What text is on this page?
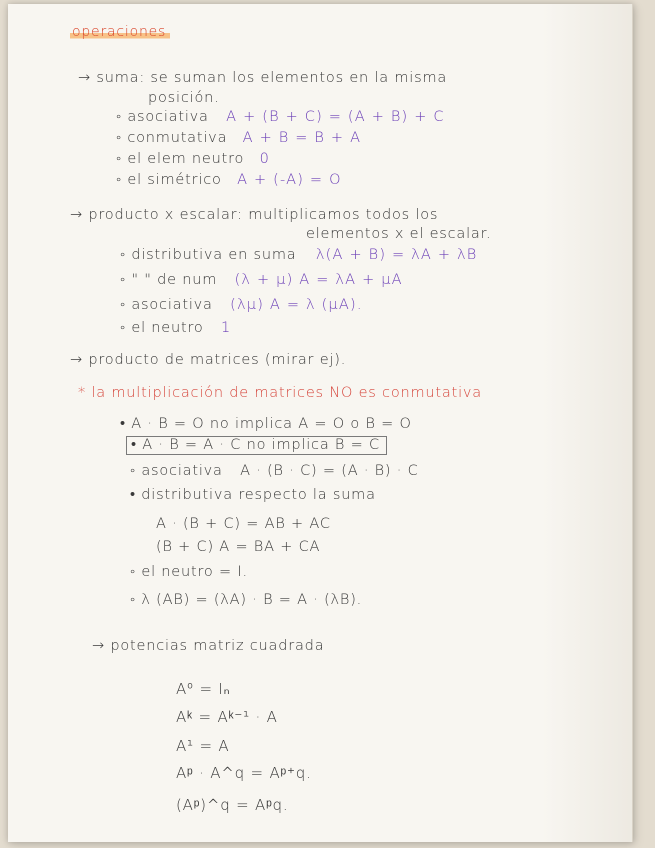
operaciones
→ suma: se suman los elementos en la misma
posición.
◦ asociativa A + (B + C) = (A + B) + C
◦ conmutativa A + B = B + A
◦ el elem neutro 0
◦ el simétrico A + (-A) = O
→ producto x escalar: multiplicamos todos los
elementos x el escalar.
◦ distributiva en suma λ(A + B) = λA + λB
◦ " " de num (λ + μ) A = λA + μA
◦ asociativa (λμ) A = λ (μA).
◦ el neutro 1
→ producto de matrices (mirar ej).
* la multiplicación de matrices NO es conmutativa
• A · B = O no implica A = O o B = O
• A · B = A · C no implica B = C
◦ asociativa A · (B · C) = (A · B) · C
• distributiva respecto la suma
A · (B + C) = AB + AC
(B + C) A = BA + CA
◦ el neutro = I.
◦ λ (AB) = (λA) · B = A · (λB).
→ potencias matriz cuadrada
A⁰ = Iₙ
Aᵏ = Aᵏ⁻¹ · A
A¹ = A
Aᵖ · A^q = Aᵖ⁺q.
(Aᵖ)^q = Aᵖq.
